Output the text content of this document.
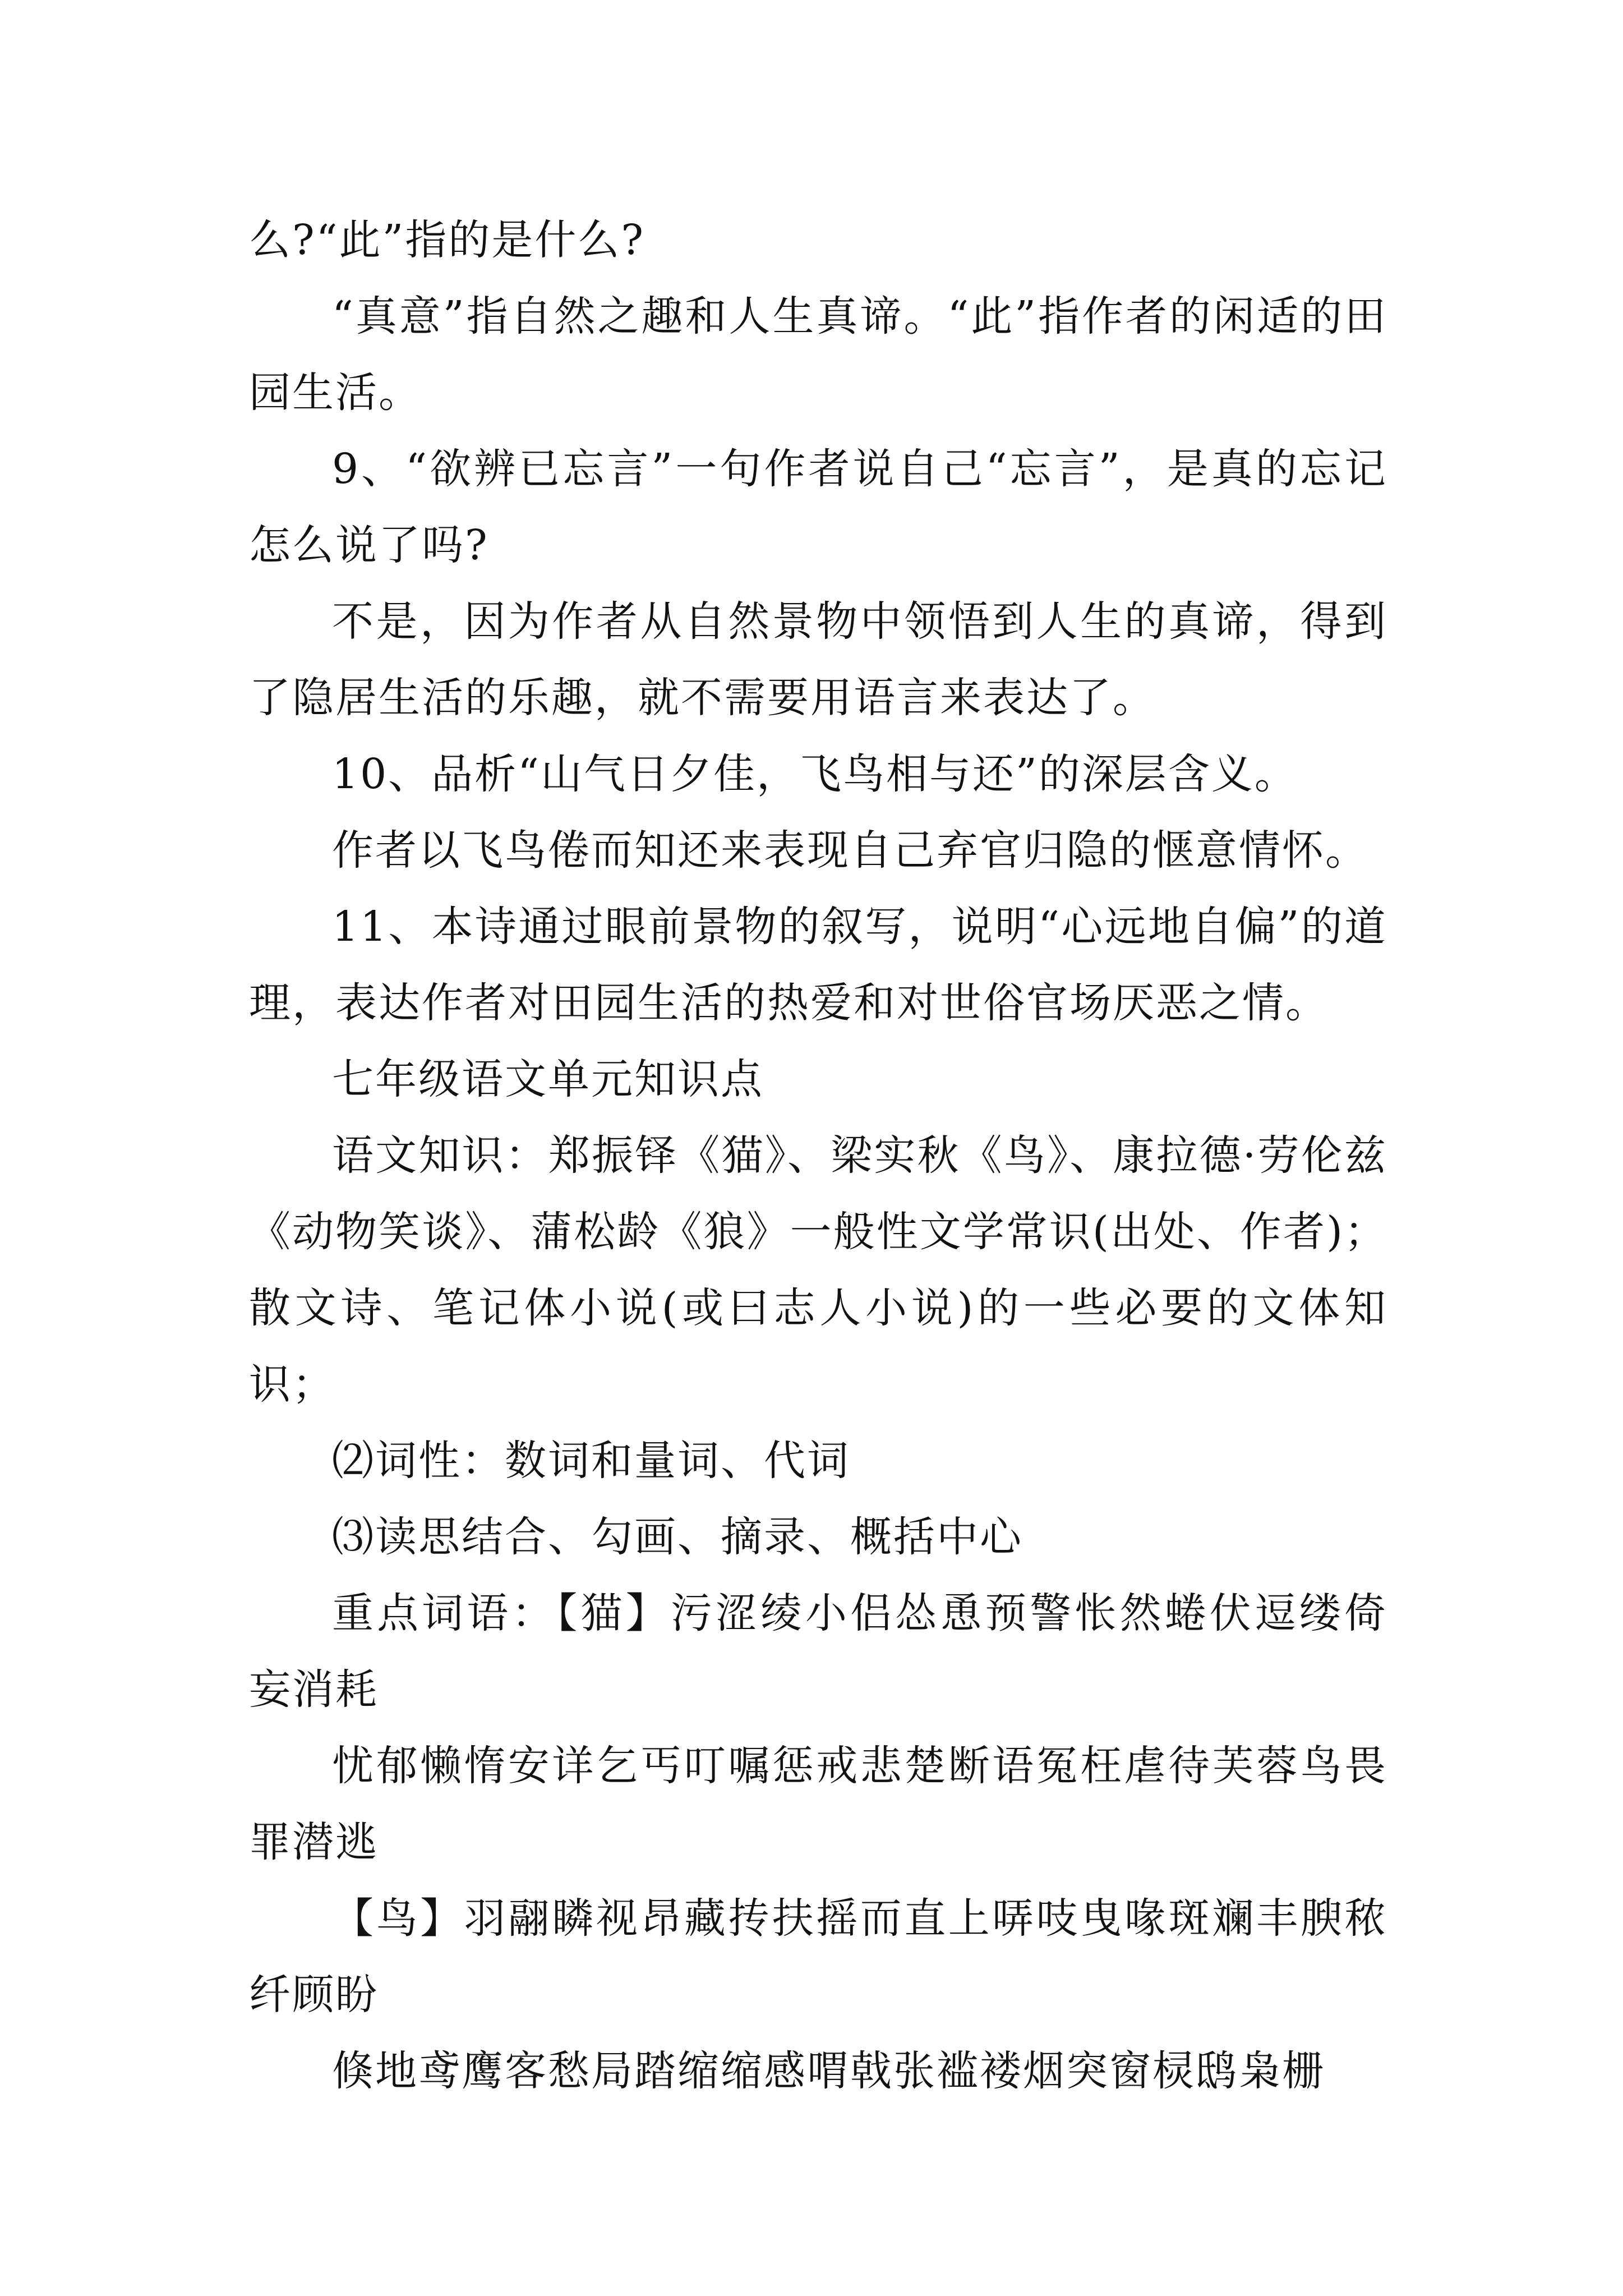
么?“此”指的是什么?

“真意”指自然之趣和人生真谛。“此”指作者的闲适的田园生活。

9、“欲辨已忘言”一句作者说自己“忘言”，是真的忘记怎么说了吗?

不是，因为作者从自然景物中领悟到人生的真谛，得到了隐居生活的乐趣，就不需要用语言来表达了。

10、品析“山气日夕佳，飞鸟相与还”的深层含义。

作者以飞鸟倦而知还来表现自己弃官归隐的惬意情怀。

11、本诗通过眼前景物的叙写，说明“心远地自偏”的道理，表达作者对田园生活的热爱和对世俗官场厌恶之情。

七年级语文单元知识点

语文知识：郑振铎《猫》、梁实秋《鸟》、康拉德·劳伦兹《动物笑谈》、蒲松龄《狼》一般性文学常识(出处、作者)；散文诗、笔记体小说(或曰志人小说)的一些必要的文体知识；

⑵词性：数词和量词、代词

⑶读思结合、勾画、摘录、概括中心

重点词语：【猫】污涩绫小侣怂恿预警怅然蜷伏逗缕倚妄消耗

忧郁懒惰安详乞丐叮嘱惩戒悲楚断语冤枉虐待芙蓉鸟畏罪潜逃

【鸟】羽翮瞵视昂藏抟扶摇而直上哢吱曳喙斑斓丰腴秾纤顾盼

倏地鸢鹰客愁局踏缩缩感喟戟张褴褛烟突窗棂鸱枭栅
